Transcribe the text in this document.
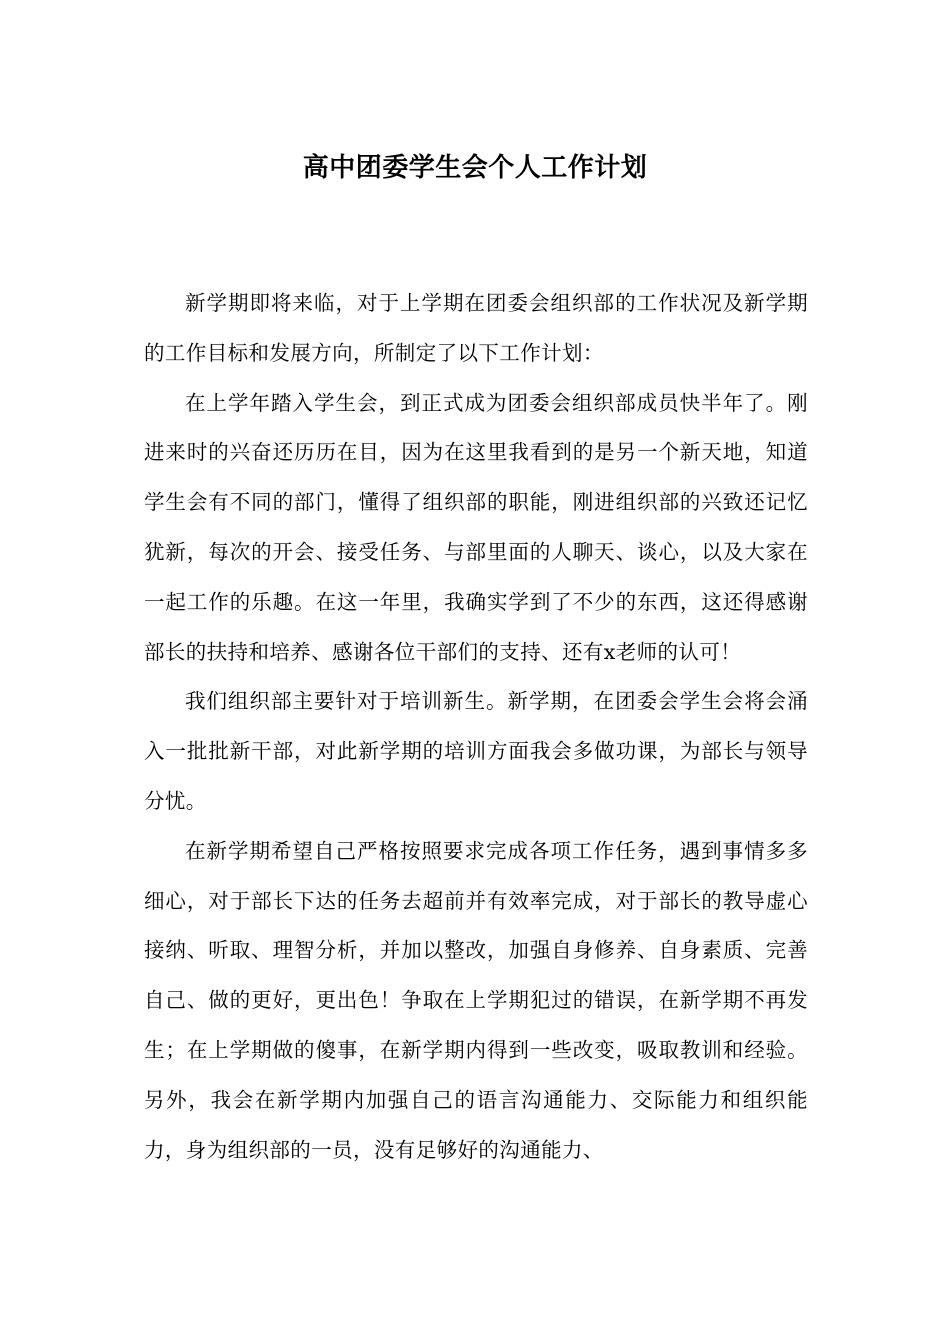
高中团委学生会个人工作计划

新学期即将来临，对于上学期在团委会组织部的工作状况及新学期的工作目标和发展方向，所制定了以下工作计划：

在上学年踏入学生会，到正式成为团委会组织部成员快半年了。刚进来时的兴奋还历历在目，因为在这里我看到的是另一个新天地，知道学生会有不同的部门，懂得了组织部的职能，刚进组织部的兴致还记忆犹新，每次的开会、接受任务、与部里面的人聊天、谈心，以及大家在一起工作的乐趣。在这一年里，我确实学到了不少的东西，这还得感谢部长的扶持和培养、感谢各位干部们的支持、还有x老师的认可！

我们组织部主要针对于培训新生。新学期，在团委会学生会将会涌入一批批新干部，对此新学期的培训方面我会多做功课，为部长与领导分忧。

在新学期希望自己严格按照要求完成各项工作任务，遇到事情多多细心，对于部长下达的任务去超前并有效率完成，对于部长的教导虚心接纳、听取、理智分析，并加以整改，加强自身修养、自身素质、完善自己、做的更好，更出色！争取在上学期犯过的错误，在新学期不再发生；在上学期做的傻事，在新学期内得到一些改变，吸取教训和经验。另外，我会在新学期内加强自己的语言沟通能力、交际能力和组织能力，身为组织部的一员，没有足够好的沟通能力、
